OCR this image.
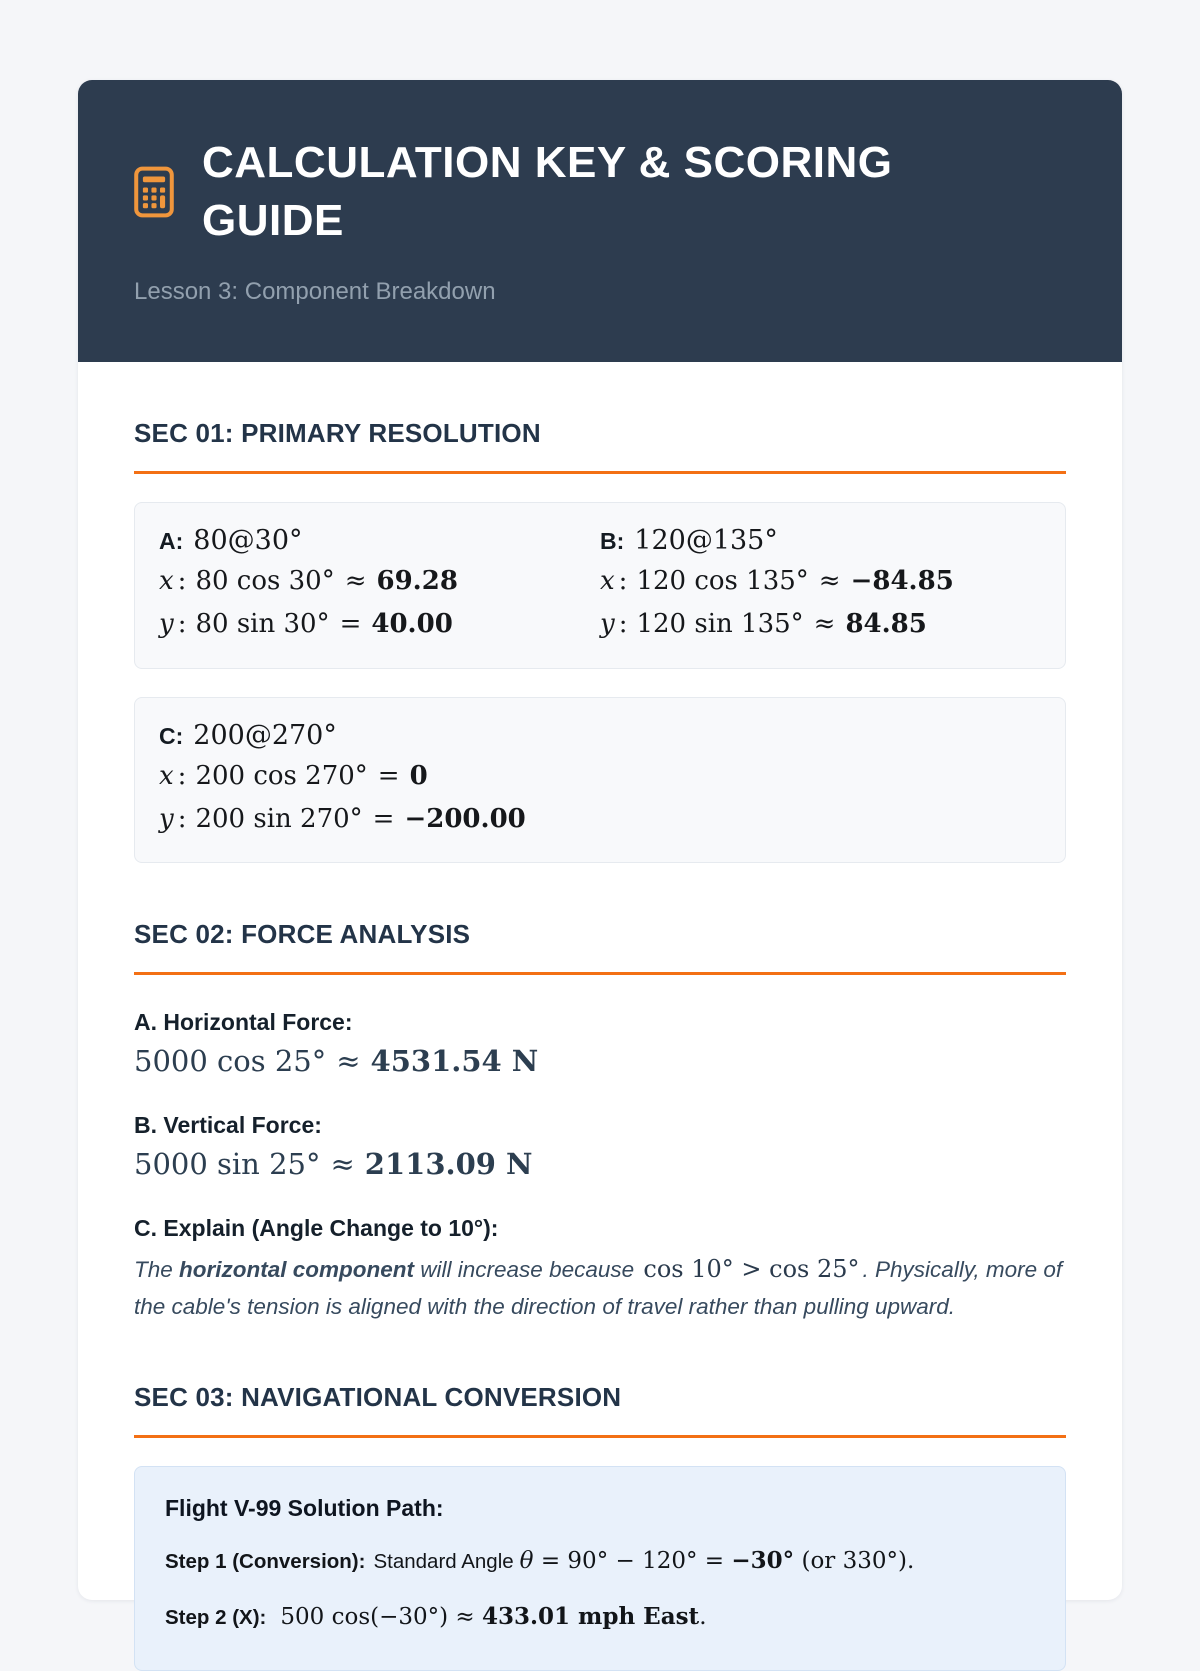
CALCULATION KEY & SCORING GUIDE

Lesson 3: Component Breakdown

SEC 01: PRIMARY RESOLUTION
A: 80@30°
x : 80 cos 30° ≈ 69.28
y : 80 sin 30° = 40.00
B: 120@135°
x : 120 cos 135° ≈ −84.85
y : 120 sin 135° ≈ 84.85
C: 200@270°
x : 200 cos 270° = 0
y : 200 sin 270° = −200.00
SEC 02: FORCE ANALYSIS

A. Horizontal Force:

5000 cos 25° ≈ 4531.54 N

B. Vertical Force:

5000 sin 25° ≈ 2113.09 N

C. Explain (Angle Change to 10°):

The horizontal component will increase because cos 10° > cos 25° . Physically, more of the cable's tension is aligned with the direction of travel rather than pulling upward.

SEC 03: NAVIGATIONAL CONVERSION

Flight V-99 Solution Path:

Step 1 (Conversion): Standard Angle θ = 90° − 120° = −30° (or 330°).

Step 2 (X): 500 cos(−30°) ≈ 433.01 mph East.
